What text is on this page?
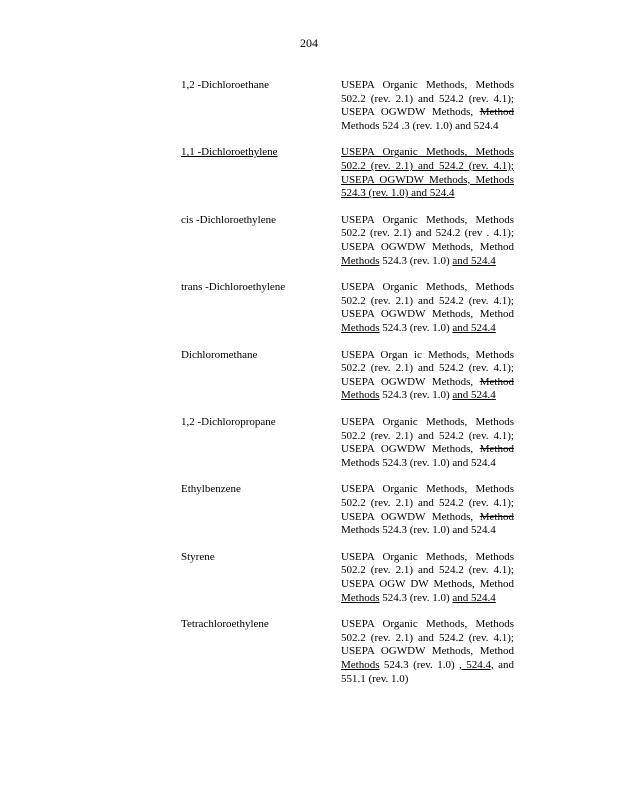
204
1,2 -Dichloroethane	USEPA Organic Methods, Methods 502.2 (rev. 2.1) and 524.2 (rev. 4.1); USEPA OGWDW Methods, Method Methods 524 .3 (rev. 1.0) and 524.4
1,1 -Dichloroethylene	USEPA Organic Methods, Methods 502.2 (rev. 2.1) and 524.2 (rev. 4.1); USEPA OGWDW Methods, Methods 524.3 (rev. 1.0) and 524.4
cis -Dichloroethylene	USEPA Organic Methods, Methods 502.2 (rev. 2.1) and 524.2 (rev . 4.1); USEPA OGWDW Methods, Method Methods 524.3 (rev. 1.0) and 524.4
trans -Dichloroethylene	USEPA Organic Methods, Methods 502.2 (rev. 2.1) and 524.2 (rev. 4.1); USEPA OGWDW Methods, Method Methods 524.3 (rev. 1.0) and 524.4
Dichloromethane	USEPA Organ ic Methods, Methods 502.2 (rev. 2.1) and 524.2 (rev. 4.1); USEPA OGWDW Methods, Method Methods 524.3 (rev. 1.0) and 524.4
1,2 -Dichloropropane	USEPA Organic Methods, Methods 502.2 (rev. 2.1) and 524.2 (rev. 4.1); USEPA OGWDW Methods, Method Methods 524.3 (rev. 1.0) and 524.4
Ethylbenzene	USEPA Organic Methods, Methods 502.2 (rev. 2.1) and 524.2 (rev. 4.1); USEPA OGWDW Methods, Method Methods 524.3 (rev. 1.0) and 524.4
Styrene	USEPA Organic Methods, Methods 502.2 (rev. 2.1) and 524.2 (rev. 4.1); USEPA OGW DW Methods, Method Methods 524.3 (rev. 1.0) and 524.4
Tetrachloroethylene	USEPA Organic Methods, Methods 502.2 (rev. 2.1) and 524.2 (rev. 4.1); USEPA OGWDW Methods, Method Methods 524.3 (rev. 1.0) , 524.4, and 551.1 (rev. 1.0)
